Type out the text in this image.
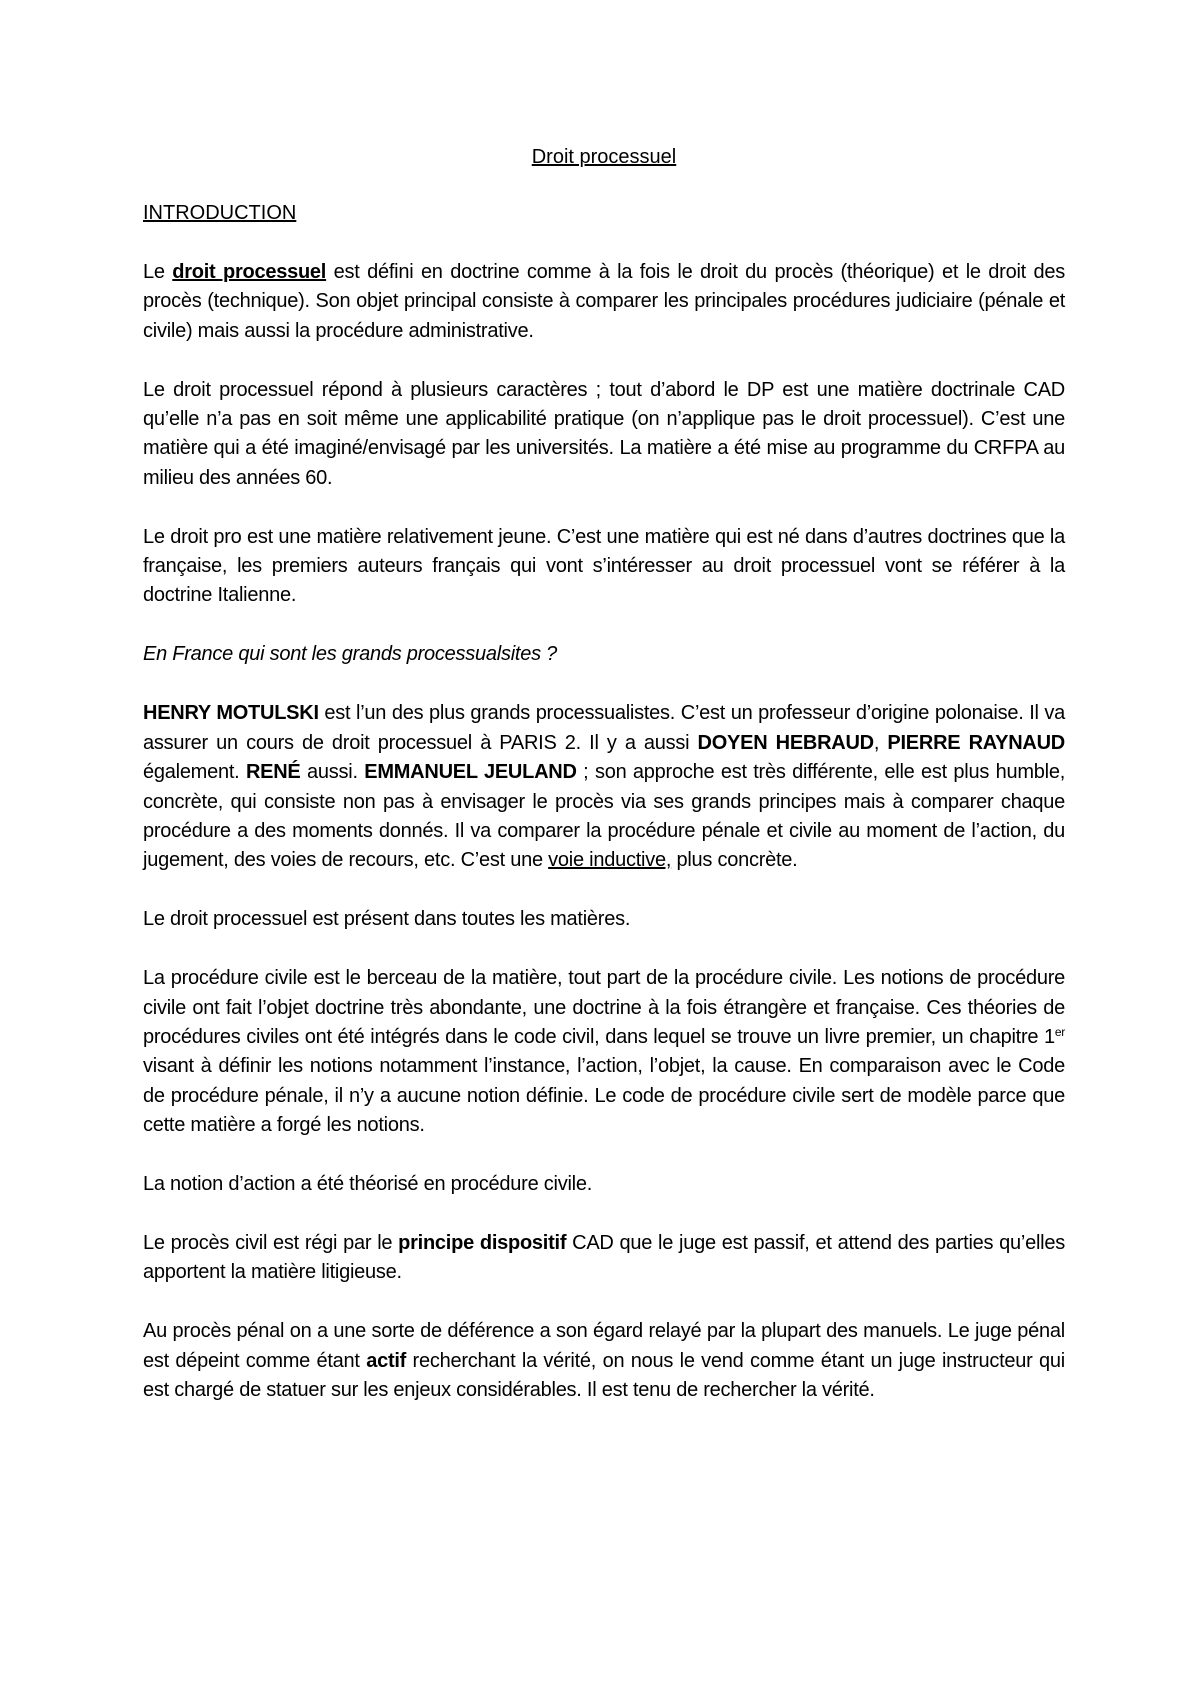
Droit processuel
INTRODUCTION

Le droit processuel est défini en doctrine comme à la fois le droit du procès (théorique) et le droit des procès (technique). Son objet principal consiste à comparer les principales procédures judiciaire (pénale et civile) mais aussi la procédure administrative.

Le droit processuel répond à plusieurs caractères ; tout d’abord le DP est une matière doctrinale CAD qu’elle n’a pas en soit même une applicabilité pratique (on n’applique pas le droit processuel). C’est une matière qui a été imaginé/envisagé par les universités. La matière a été mise au programme du CRFPA au milieu des années 60.

Le droit pro est une matière relativement jeune. C’est une matière qui est né dans d’autres doctrines que la française, les premiers auteurs français qui vont s’intéresser au droit processuel vont se référer à la doctrine Italienne.

En France qui sont les grands processualsites ?

HENRY MOTULSKI est l’un des plus grands processualistes. C’est un professeur d’origine polonaise. Il va assurer un cours de droit processuel à PARIS 2. Il y a aussi DOYEN HEBRAUD, PIERRE RAYNAUD également. RENÉ aussi. EMMANUEL JEULAND ; son approche est très différente, elle est plus humble, concrète, qui consiste non pas à envisager le procès via ses grands principes mais à comparer chaque procédure a des moments donnés. Il va comparer la procédure pénale et civile au moment de l’action, du jugement, des voies de recours, etc. C’est une voie inductive, plus concrète.

Le droit processuel est présent dans toutes les matières.

La procédure civile est le berceau de la matière, tout part de la procédure civile. Les notions de procédure civile ont fait l’objet doctrine très abondante, une doctrine à la fois étrangère et française. Ces théories de procédures civiles ont été intégrés dans le code civil, dans lequel se trouve un livre premier, un chapitre 1er visant à définir les notions notamment l’instance, l’action, l’objet, la cause. En comparaison avec le Code de procédure pénale, il n’y a aucune notion définie. Le code de procédure civile sert de modèle parce que cette matière a forgé les notions.

La notion d’action a été théorisé en procédure civile.

Le procès civil est régi par le principe dispositif CAD que le juge est passif, et attend des parties qu’elles apportent la matière litigieuse.

Au procès pénal on a une sorte de déférence a son égard relayé par la plupart des manuels. Le juge pénal est dépeint comme étant actif recherchant la vérité, on nous le vend comme étant un juge instructeur qui est chargé de statuer sur les enjeux considérables. Il est tenu de rechercher la vérité.
